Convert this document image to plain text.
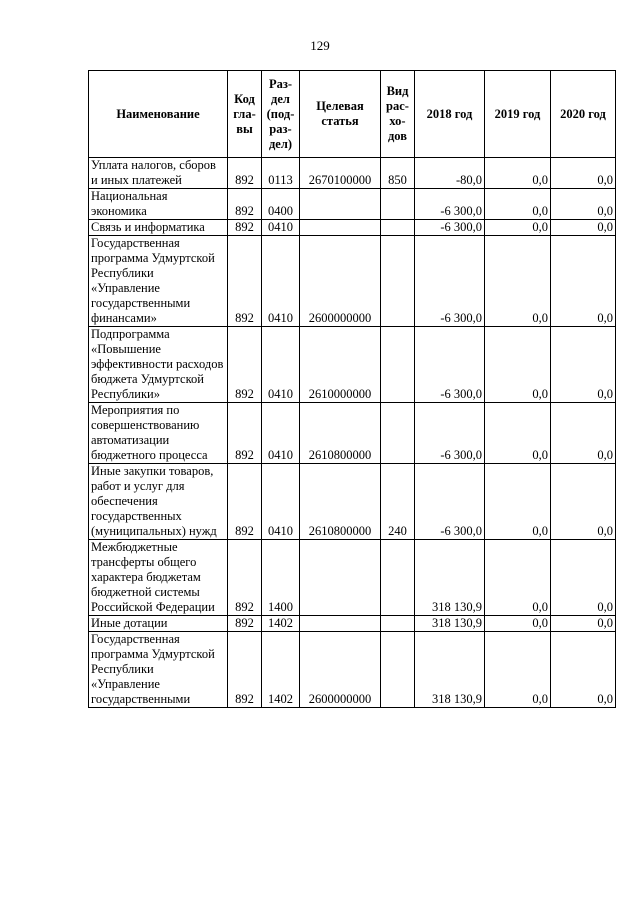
129
Наименование	Код гла-вы	Раз-дел (под-раз-дел)	Целевая статья	Вид рас-хо-дов	2018 год	2019 год	2020 год
Уплата налогов, сборов и иных платежей	892	0113	2670100000	850	-80,0	0,0	0,0
Национальная экономика	892	0400			-6 300,0	0,0	0,0
Связь и информатика	892	0410			-6 300,0	0,0	0,0
Государственная программа Удмуртской Республики «Управление государственными финансами»	892	0410	2600000000		-6 300,0	0,0	0,0
Подпрограмма «Повышение эффективности расходов бюджета Удмуртской Республики»	892	0410	2610000000		-6 300,0	0,0	0,0
Мероприятия по совершенствованию автоматизации бюджетного процесса	892	0410	2610800000		-6 300,0	0,0	0,0
Иные закупки товаров, работ и услуг для обеспечения государственных (муниципальных) нужд	892	0410	2610800000	240	-6 300,0	0,0	0,0
Межбюджетные трансферты общего характера бюджетам бюджетной системы Российской Федерации	892	1400			318 130,9	0,0	0,0
Иные дотации	892	1402			318 130,9	0,0	0,0
Государственная программа Удмуртской Республики «Управление государственными	892	1402	2600000000		318 130,9	0,0	0,0
